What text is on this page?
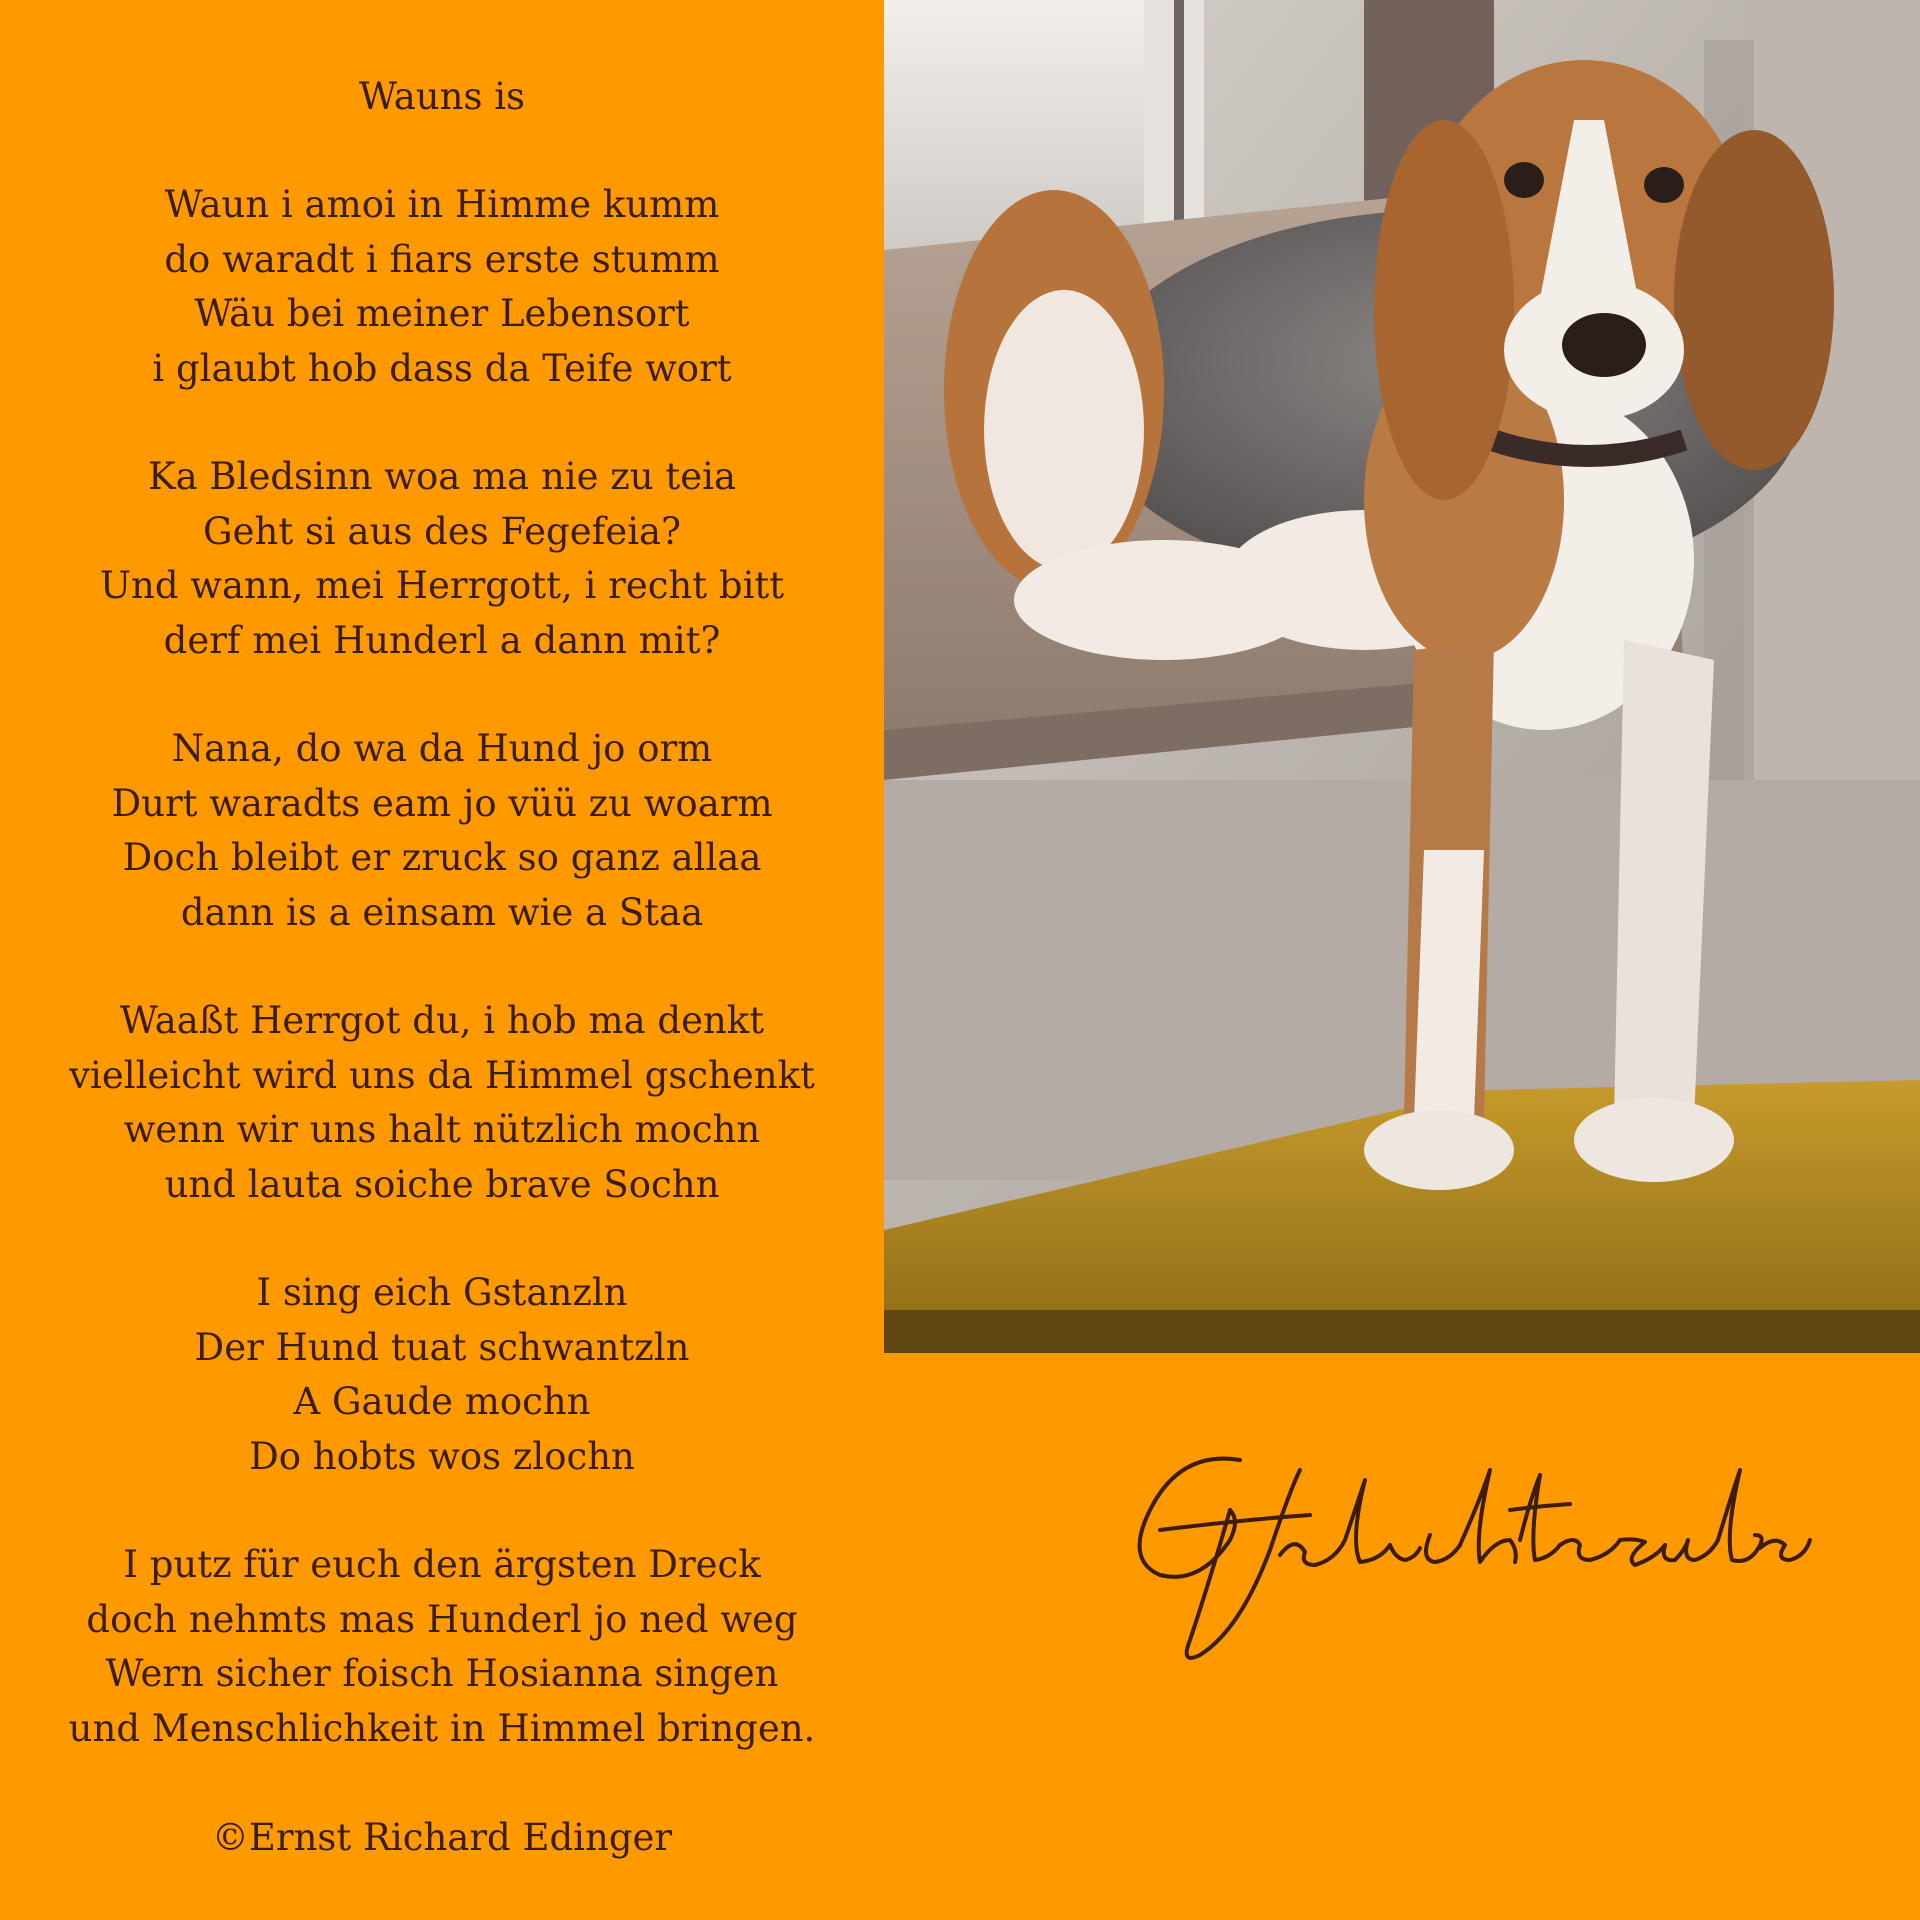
Wauns is
Waun i amoi in Himme kumm
do waradt i fiars erste stumm
Wäu bei meiner Lebensort
i glaubt hob dass da Teife wort
Ka Bledsinn woa ma nie zu teia
Geht si aus des Fegefeia?
Und wann, mei Herrgott, i recht bitt
derf mei Hunderl a dann mit?
Nana, do wa da Hund jo orm
Durt waradts eam jo vüü zu woarm
Doch bleibt er zruck so ganz allaa
dann is a einsam wie a Staa
Waaßt Herrgot du, i hob ma denkt
vielleicht wird uns da Himmel gschenkt
wenn wir uns halt nützlich mochn
und lauta soiche brave Sochn
I sing eich Gstanzln
Der Hund tuat schwantzln
A Gaude mochn
Do hobts wos zlochn
I putz für euch den ärgsten Dreck
doch nehmts mas Hunderl jo ned weg
Wern sicher foisch Hosianna singen
und Menschlichkeit in Himmel bringen.
©Ernst Richard Edinger
